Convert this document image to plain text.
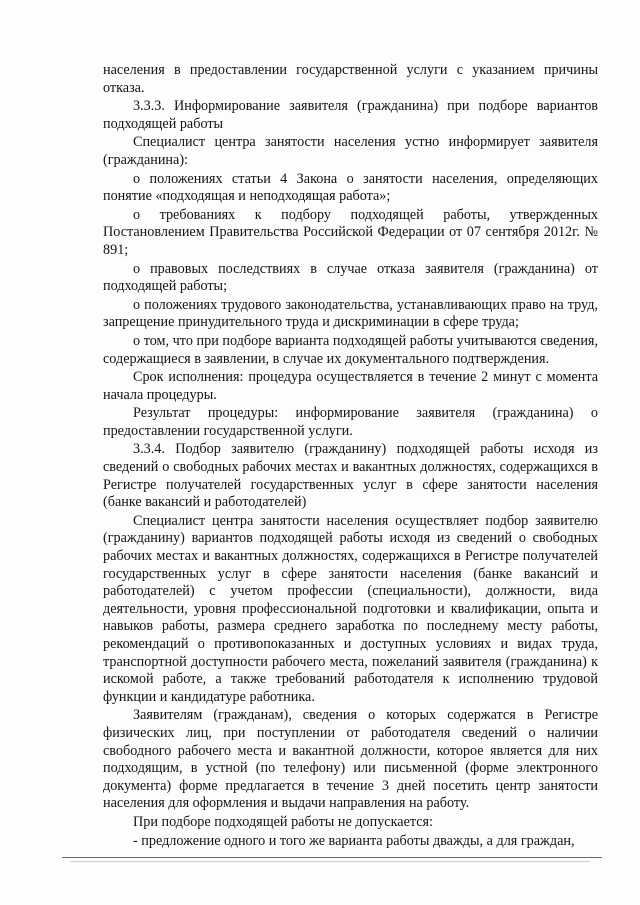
населения в предоставлении государственной услуги с указанием причины отказа.

3.3.3. Информирование заявителя (гражданина) при подборе вариантов подходящей работы

Специалист центра занятости населения устно информирует заявителя (гражданина):

о положениях статьи 4 Закона о занятости населения, определяющих понятие «подходящая и неподходящая работа»;

о требованиях к подбору подходящей работы, утвержденных Постановлением Правительства Российской Федерации от 07 сентября 2012г. № 891;

о правовых последствиях в случае отказа заявителя (гражданина) от подходящей работы;

о положениях трудового законодательства, устанавливающих право на труд, запрещение принудительного труда и дискриминации в сфере труда;

о том, что при подборе варианта подходящей работы учитываются сведения, содержащиеся в заявлении, в случае их документального подтверждения.

Срок исполнения: процедура осуществляется в течение 2 минут с момента начала процедуры.

Результат процедуры: информирование заявителя (гражданина) о предоставлении государственной услуги.

3.3.4. Подбор заявителю (гражданину) подходящей работы исходя из сведений о свободных рабочих местах и вакантных должностях, содержащихся в Регистре получателей государственных услуг в сфере занятости населения (банке вакансий и работодателей)

Специалист центра занятости населения осуществляет подбор заявителю (гражданину) вариантов подходящей работы исходя из сведений о свободных рабочих местах и вакантных должностях, содержащихся в Регистре получателей государственных услуг в сфере занятости населения (банке вакансий и работодателей) с учетом профессии (специальности), должности, вида деятельности, уровня профессиональной подготовки и квалификации, опыта и навыков работы, размера среднего заработка по последнему месту работы, рекомендаций о противопоказанных и доступных условиях и видах труда, транспортной доступности рабочего места, пожеланий заявителя (гражданина) к искомой работе, а также требований работодателя к исполнению трудовой функции и кандидатуре работника.

Заявителям (гражданам), сведения о которых содержатся в Регистре физических лиц, при поступлении от работодателя сведений о наличии свободного рабочего места и вакантной должности, которое является для них подходящим, в устной (по телефону) или письменной (форме электронного документа) форме предлагается в течение 3 дней посетить центр занятости населения для оформления и выдачи направления на работу.

При подборе подходящей работы не допускается:

- предложение одного и того же варианта работы дважды, а для граждан,
